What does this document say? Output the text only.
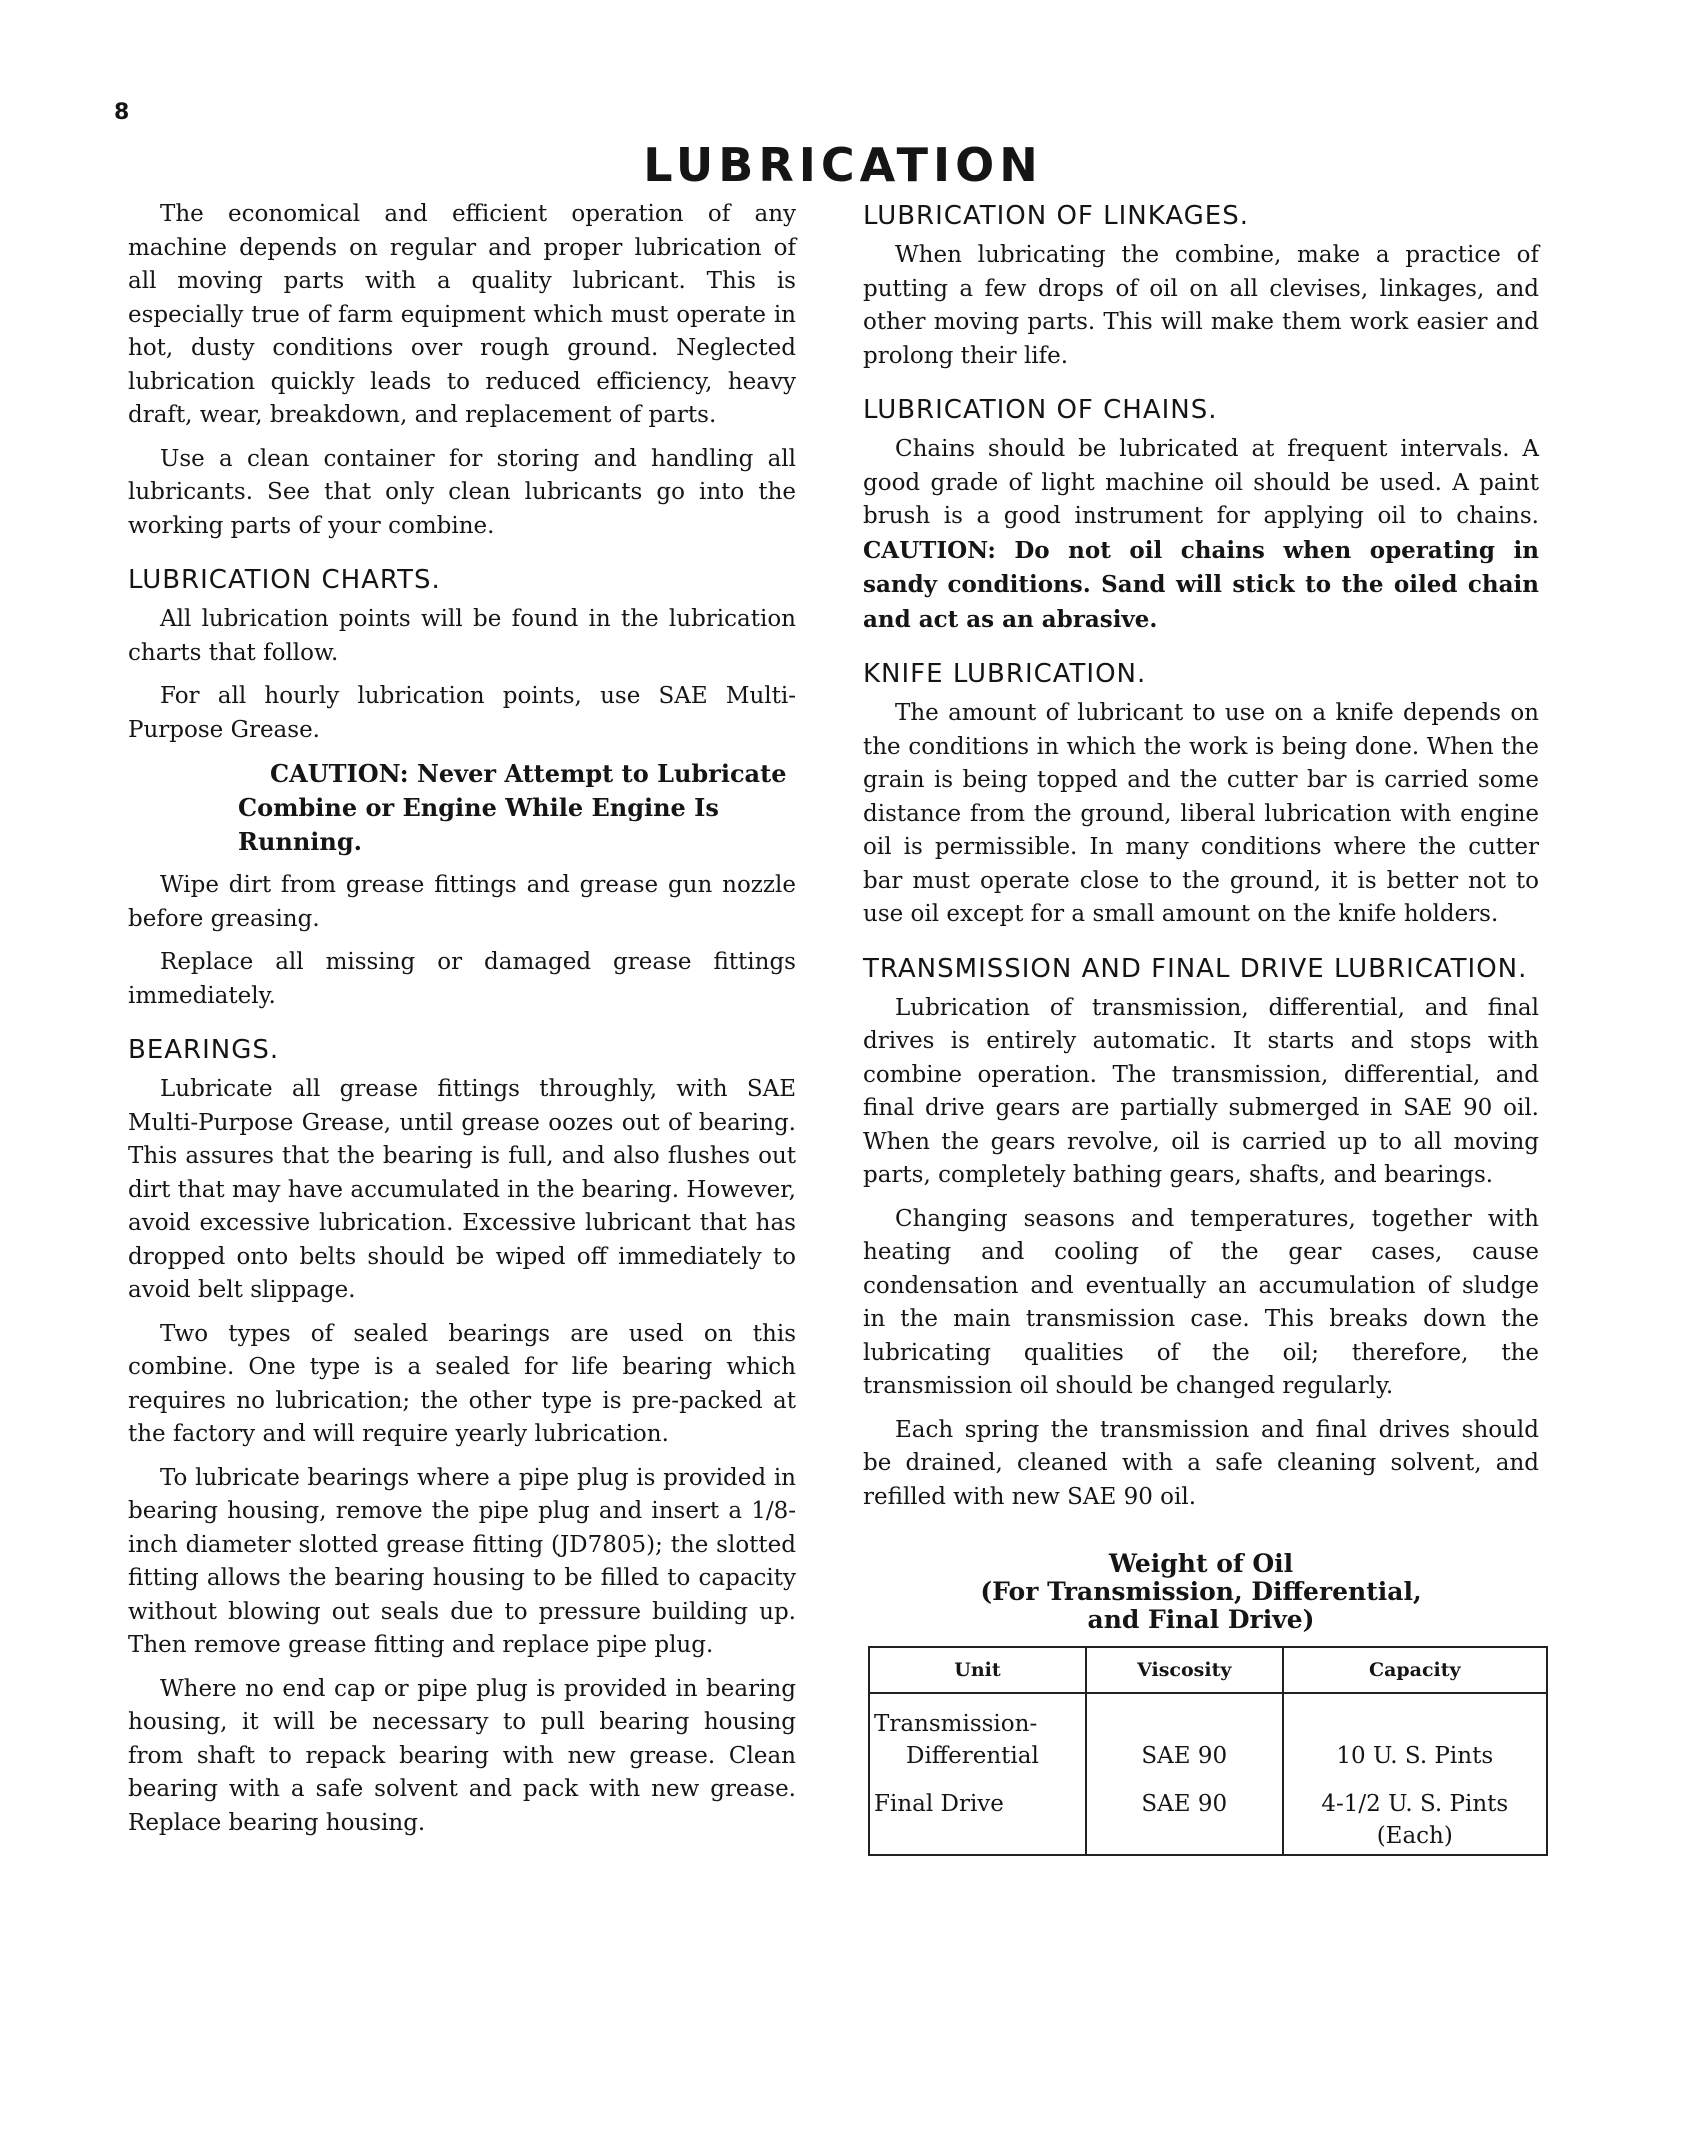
8
LUBRICATION

The economical and efficient operation of any machine depends on regular and proper lubrication of all moving parts with a quality lubricant. This is especially true of farm equipment which must operate in hot, dusty conditions over rough ground. Neglected lubrication quickly leads to reduced efficiency, heavy draft, wear, breakdown, and replacement of parts.

Use a clean container for storing and handling all lubricants. See that only clean lubricants go into the working parts of your combine.

LUBRICATION CHARTS.

All lubrication points will be found in the lubrication charts that follow.

For all hourly lubrication points, use SAE Multi-Purpose Grease.

CAUTION: Never Attempt to Lubricate Combine or Engine While Engine Is Running.

Wipe dirt from grease fittings and grease gun nozzle before greasing.

Replace all missing or damaged grease fittings immediately.

BEARINGS.

Lubricate all grease fittings throughly, with SAE Multi-Purpose Grease, until grease oozes out of bearing. This assures that the bearing is full, and also flushes out dirt that may have accumulated in the bearing. However, avoid excessive lubrication. Excessive lubricant that has dropped onto belts should be wiped off immediately to avoid belt slippage.

Two types of sealed bearings are used on this combine. One type is a sealed for life bearing which requires no lubrication; the other type is pre-packed at the factory and will require yearly lubrication.

To lubricate bearings where a pipe plug is provided in bearing housing, remove the pipe plug and insert a 1/8-inch diameter slotted grease fitting (JD7805); the slotted fitting allows the bearing housing to be filled to capacity without blowing out seals due to pressure building up. Then remove grease fitting and replace pipe plug.

Where no end cap or pipe plug is provided in bearing housing, it will be necessary to pull bearing housing from shaft to repack bearing with new grease. Clean bearing with a safe solvent and pack with new grease. Replace bearing housing.

LUBRICATION OF LINKAGES.

When lubricating the combine, make a practice of putting a few drops of oil on all clevises, linkages, and other moving parts. This will make them work easier and prolong their life.

LUBRICATION OF CHAINS.

Chains should be lubricated at frequent intervals. A good grade of light machine oil should be used. A paint brush is a good instrument for applying oil to chains. CAUTION: Do not oil chains when operating in sandy conditions. Sand will stick to the oiled chain and act as an abrasive.

KNIFE LUBRICATION.

The amount of lubricant to use on a knife depends on the conditions in which the work is being done. When the grain is being topped and the cutter bar is carried some distance from the ground, liberal lubrication with engine oil is permissible. In many conditions where the cutter bar must operate close to the ground, it is better not to use oil except for a small amount on the knife holders.

TRANSMISSION AND FINAL DRIVE LUBRICATION.

Lubrication of transmission, differential, and final drives is entirely automatic. It starts and stops with combine operation. The transmission, differential, and final drive gears are partially submerged in SAE 90 oil. When the gears revolve, oil is carried up to all moving parts, completely bathing gears, shafts, and bearings.

Changing seasons and temperatures, together with heating and cooling of the gear cases, cause condensation and eventually an accumulation of sludge in the main transmission case. This breaks down the lubricating qualities of the oil; therefore, the transmission oil should be changed regularly.

Each spring the transmission and final drives should be drained, cleaned with a safe cleaning solvent, and refilled with new SAE 90 oil.

Weight of Oil
(For Transmission, Differential,
and Final Drive)
Unit	Viscosity	Capacity

Transmission-
Differential	SAE 90	10 U. S. Pints
Final Drive	SAE 90	4-1/2 U. S. Pints
(Each)
